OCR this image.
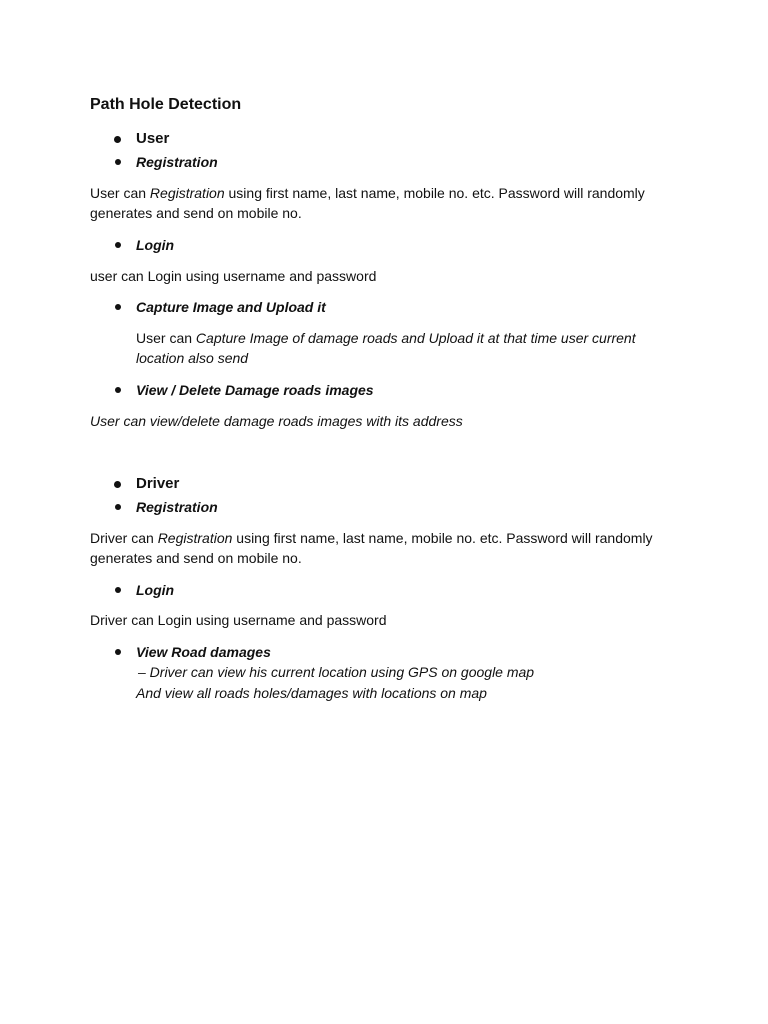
Path Hole Detection
User
Registration
User can Registration using first name, last name, mobile no. etc. Password will randomly
generates and send on mobile no.
Login
user can Login using username and password
Capture Image and Upload it
User can Capture Image of damage roads and Upload it at that time user current
location also send
View / Delete Damage roads images
User can view/delete damage roads images with its address
Driver
Registration
Driver can Registration using first name, last name, mobile no. etc. Password will randomly
generates and send on mobile no.
Login
Driver can Login using username and password
View Road damages
– Driver can view his current location using GPS on google map
And view all roads holes/damages with locations on map
